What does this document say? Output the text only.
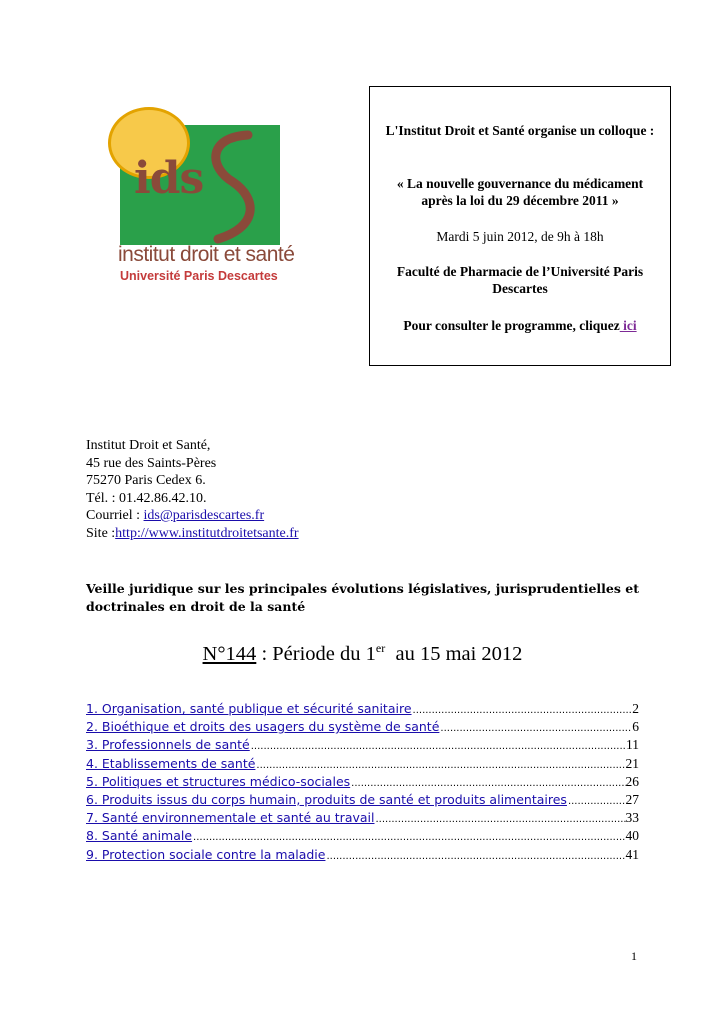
ids
institut droit et santé
Université Paris Descartes

L'Institut Droit et Santé organise un colloque :

« La nouvelle gouvernance du médicament après la loi du 29 décembre 2011 »

Mardi 5 juin 2012, de 9h à 18h

Faculté de Pharmacie de l’Université Paris Descartes

Pour consulter le programme, cliquez ici

Institut Droit et Santé,
45 rue des Saints-Pères
75270 Paris Cedex 6.
Tél. : 01.42.86.42.10.
Courriel : ids@parisdescartes.fr
Site :http://www.institutdroitetsante.fr
Veille juridique sur les principales évolutions législatives, jurisprudentielles et doctrinales en droit de la santé
N°144 : Période du 1er  au 15 mai 2012
1. Organisation, santé publique et sécurité sanitaire .....	2
2. Bioéthique et droits des usagers du système de santé .....	6
3. Professionnels de santé .....	11
4. Etablissements de santé .....	21
5. Politiques et structures médico-sociales .....	26
6. Produits issus du corps humain, produits de santé et produits alimentaires .....	27
7. Santé environnementale et santé au travail .....	33
8. Santé animale .....	40
9. Protection sociale contre la maladie .....	41
1
